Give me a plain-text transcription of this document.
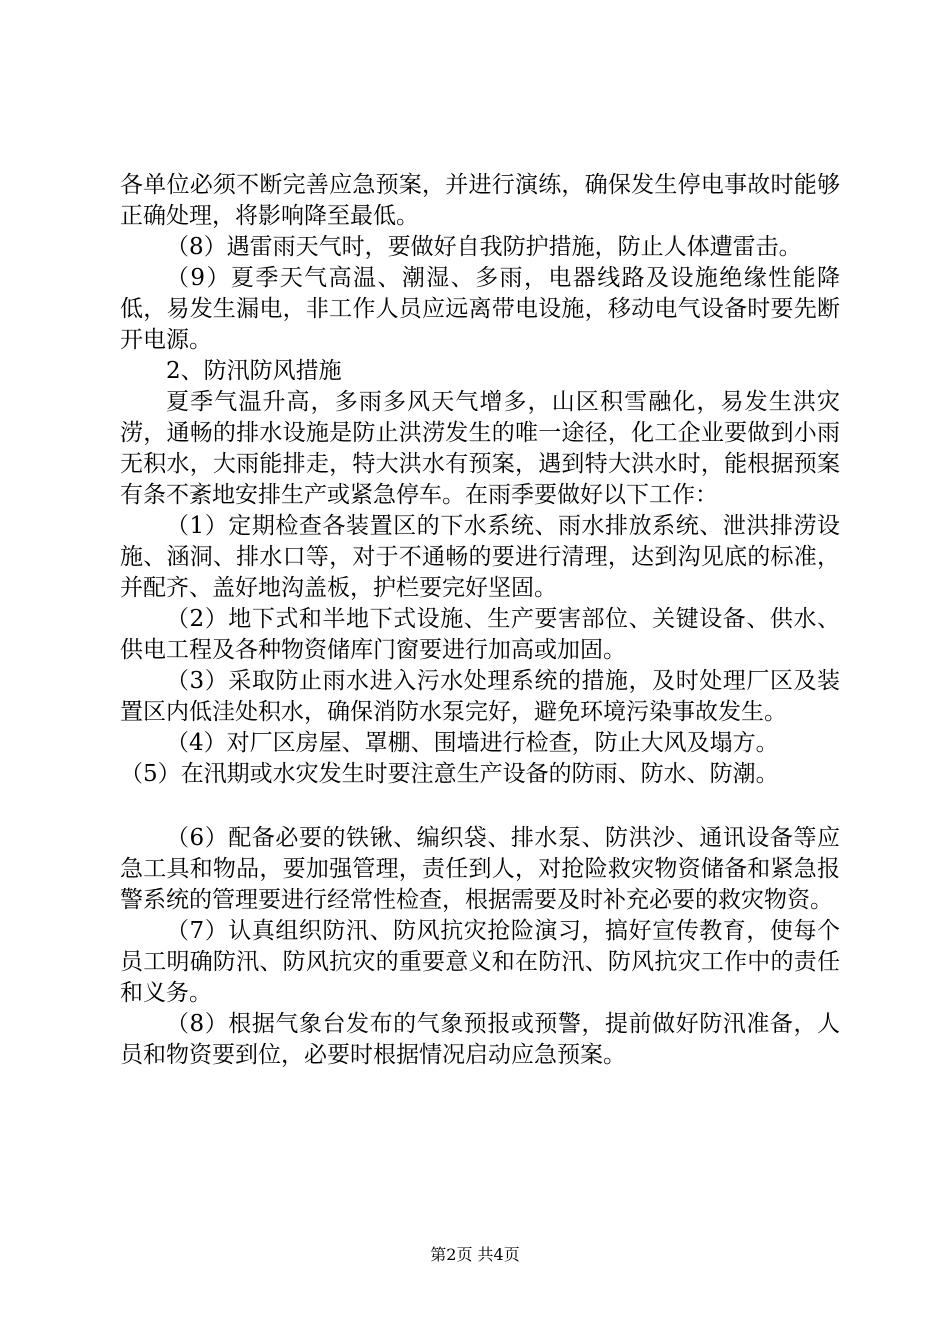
各单位必须不断完善应急预案，并进行演练，确保发生停电事故时能够正确处理，将影响降至最低。

（8）遇雷雨天气时，要做好自我防护措施，防止人体遭雷击。

（9）夏季天气高温、潮湿、多雨，电器线路及设施绝缘性能降低，易发生漏电，非工作人员应远离带电设施，移动电气设备时要先断开电源。

2、防汛防风措施

夏季气温升高，多雨多风天气增多，山区积雪融化，易发生洪灾涝，通畅的排水设施是防止洪涝发生的唯一途径，化工企业要做到小雨无积水，大雨能排走，特大洪水有预案，遇到特大洪水时，能根据预案有条不紊地安排生产或紧急停车。在雨季要做好以下工作：

（1）定期检查各装置区的下水系统、雨水排放系统、泄洪排涝设施、涵洞、排水口等，对于不通畅的要进行清理，达到沟见底的标准，并配齐、盖好地沟盖板，护栏要完好坚固。

（2）地下式和半地下式设施、生产要害部位、关键设备、供水、供电工程及各种物资储库门窗要进行加高或加固。

（3）采取防止雨水进入污水处理系统的措施，及时处理厂区及装置区内低洼处积水，确保消防水泵完好，避免环境污染事故发生。

（4）对厂区房屋、罩棚、围墙进行检查，防止大风及塌方。

（5）在汛期或水灾发生时要注意生产设备的防雨、防水、防潮。

（6）配备必要的铁锹、编织袋、排水泵、防洪沙、通讯设备等应急工具和物品，要加强管理，责任到人，对抢险救灾物资储备和紧急报警系统的管理要进行经常性检查，根据需要及时补充必要的救灾物资。

（7）认真组织防汛、防风抗灾抢险演习，搞好宣传教育，使每个员工明确防汛、防风抗灾的重要意义和在防汛、防风抗灾工作中的责任和义务。

（8）根据气象台发布的气象预报或预警，提前做好防汛准备，人员和物资要到位，必要时根据情况启动应急预案。

第2页 共4页
